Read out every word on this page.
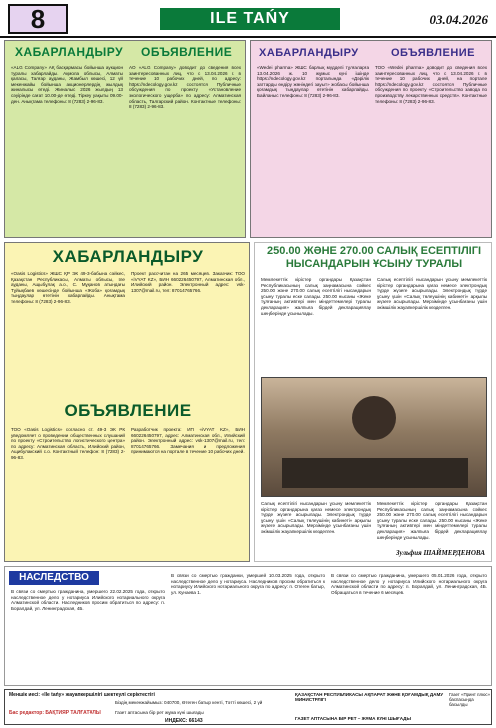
8	ILE TAŃY	03.04.2026
ХАБАРЛАНДЫРУ ОБЪЯВЛЕНИЕ

«ALG Company» АҚ басқармасы бойынша аукцион туралы хабарлайды. Ақмола облысы, Алматы қаласы, Талғар ауданы, Жамбыл көшесі, 12 үй мекенжайы бойынша акционерлердің жылдық жиналысы өтеді. Жиналыс 2026 жылдың 13 сәуірінде сағат 10.00-де өтеді. Тіркеу уақыты 09.00-ден. Анықтама телефоны: 8 (7283) 2-96-83.

АО «ALG Company» доводит до сведения всех заинтересованных лиц, что с 13.04.2026 г. в течение 10 рабочих дней, по адресу: https://ndecology.gov.kz состоятся Публичные обсуждения по проекту «Установление экологического ущерба» по адресу: Алматинская область, Талгарский район. Контактные телефоны: 8 (7283) 2-96-83.

ХАБАРЛАНДЫРУ	ОБЪЯВЛЕНИЕ

«Wedei pharma» ЖШС барлық мүдделі тұлғаларға 13.04.2026 ж. 10 жұмыс күні ішінде https://ndecology.gov.kz порталында «Дәрілік заттарды өндіру жөніндегі зауыт» жобасы бойынша қоғамдық тыңдаулар өтетінін хабарлайды. Байланыс телефоны: 8 (7283) 2-96-83.

ТОО «Wedei pharma» доводит до сведения всех заинтересованных лиц, что с 13.04.2026 г. в течение 10 рабочих дней, на портале https://ndecology.gov.kz состоятся Публичные обсуждения по проекту «Строительство завода по производству лекарственных средств». Контактные телефоны: 8 (7283) 2-96-83.

ХАБАРЛАНДЫРУ

«Oasis Logistics» ЖШС ҚР ЭК 49-3-бабына сәйкес, Қазақстан Республикасы, Алматы облысы, Іле ауданы, Ащыбұлақ а.о., С. Мұқанов атындағы Тұйықбаев көшесінде бойынша «Жоба» қоғамдық тыңдаулар өтетінін хабарлайды. Анықтама телефоны: 8 (7283) 2-96-83.

Проект рассчитан на 265 месяцев. Заказчик: ТОО «iVYAT KZ», БИН 660226450797, Алматинская обл., Илийский район. Электронный адрес: vsk-1307@mail.ru, тел: 87014765766.

ОБЪЯВЛЕНИЕ

ТОО «Oasis Logistics» согласно ст. 49-3 ЭК РК уведомляет о проведении общественных слушаний по проекту «Строительство логистического центра» по адресу: Алматинская область, Илийский район, Ащибулакский с.о. Контактный телефон: 8 (7283) 2-96-83.

Разработчик проекта: ИП «iVYAT KZ», БИН 660226450797, адрес: Алматинская обл., Илийский район. Электронный адрес: vsk-1307@mail.ru, тел: 87014765766. Замечания и предложения принимаются на портале в течение 10 рабочих дней.

250.00 ЖӘНЕ 270.00 САЛЫҚ ЕСЕПТІЛІГІ НЫСАНДАРЫН ҰСЫНУ ТУРАЛЫ

Мемлекеттік кірістер органдары Қазақстан Республикасының салық заңнамасына сәйкес 250.00 және 270.00 салық есептілігі нысандарын ұсыну туралы еске салады. 250.00 нысаны «Жеке тұлғаның активтері мен міндеттемелері туралы декларация» жалпыға бірдей декларациялау шеңберінде ұсынылады.

Салық есептілігі нысандарын ұсыну мемлекеттік кірістер органдарына қағаз немесе электрондық түрде жүзеге асырылады. Электрондық түрде ұсыну үшін «Салық төлеушінің кабинеті» арқылы жүзеге асырылады. Мерзімінде ұсынбағаны үшін әкімшілік жауапкершілік көзделген.

Салық есептілігі нысандарын ұсыну мемлекеттік кірістер органдарына қағаз немесе электрондық түрде жүзеге асырылады. Электрондық түрде ұсыну үшін «Салық төлеушінің кабинеті» арқылы жүзеге асырылады. Мерзімінде ұсынбағаны үшін әкімшілік жауапкершілік көзделген.

Мемлекеттік кірістер органдары Қазақстан Республикасының салық заңнамасына сәйкес 250.00 және 270.00 салық есептілігі нысандарын ұсыну туралы еске салады. 250.00 нысаны «Жеке тұлғаның активтері мен міндеттемелері туралы декларация» жалпыға бірдей декларациялау шеңберінде ұсынылады.

Зульфия ШАЙМЕРДЕНОВА
НАСЛЕДСТВО

В связи со смертью гражданина, умершего 22.02.2025 года, открыто наследственное дело у нотариуса Илийского нотариального округа Алматинской области. Наследников просим обратиться по адресу: п. Боралдай, ул. Ленинградская, 4Б.

В связи со смертью гражданки, умершей 10.03.2025 года, открыто наследственное дело у нотариуса. Наследников просим обратиться к нотариусу Илийского нотариального округа по адресу: п. Отеген батыр, ул. Кунаева 1.

В связи со смертью гражданина, умершего 05.01.2026 года, открыто наследственное дело у нотариуса Илийского нотариального округа Алматинской области по адресу: п. Боралдай, ул. Ленинградская, 4Б. Обращаться в течение 6 месяцев.

Меншік иесі: «Іle tańy» жауапкершілігі шектеулі серіктестігі
Бас редактор: БАҚТИЯР ТАЛҒАТҰЛЫ
Біздің мекенжайымыз: 040700, Өтеген батыр кенті, Тәтті көшесі, 2 үй
Газет аптасына бір рет жұма күні шығады
ИНДЕКС: 66143
ҚАЗАҚСТАН РЕСПУБЛИКАСЫ АҚПАРАТ ЖӘНЕ ҚОҒАМДЫҚ ДАМУ МИНИСТРЛІГІ
ГАЗЕТ АПТАСЫНА БІР РЕТ – ЖҰМА КҮНІ ШЫҒАДЫ
Газет «Принт плюс» баспасында басылды
